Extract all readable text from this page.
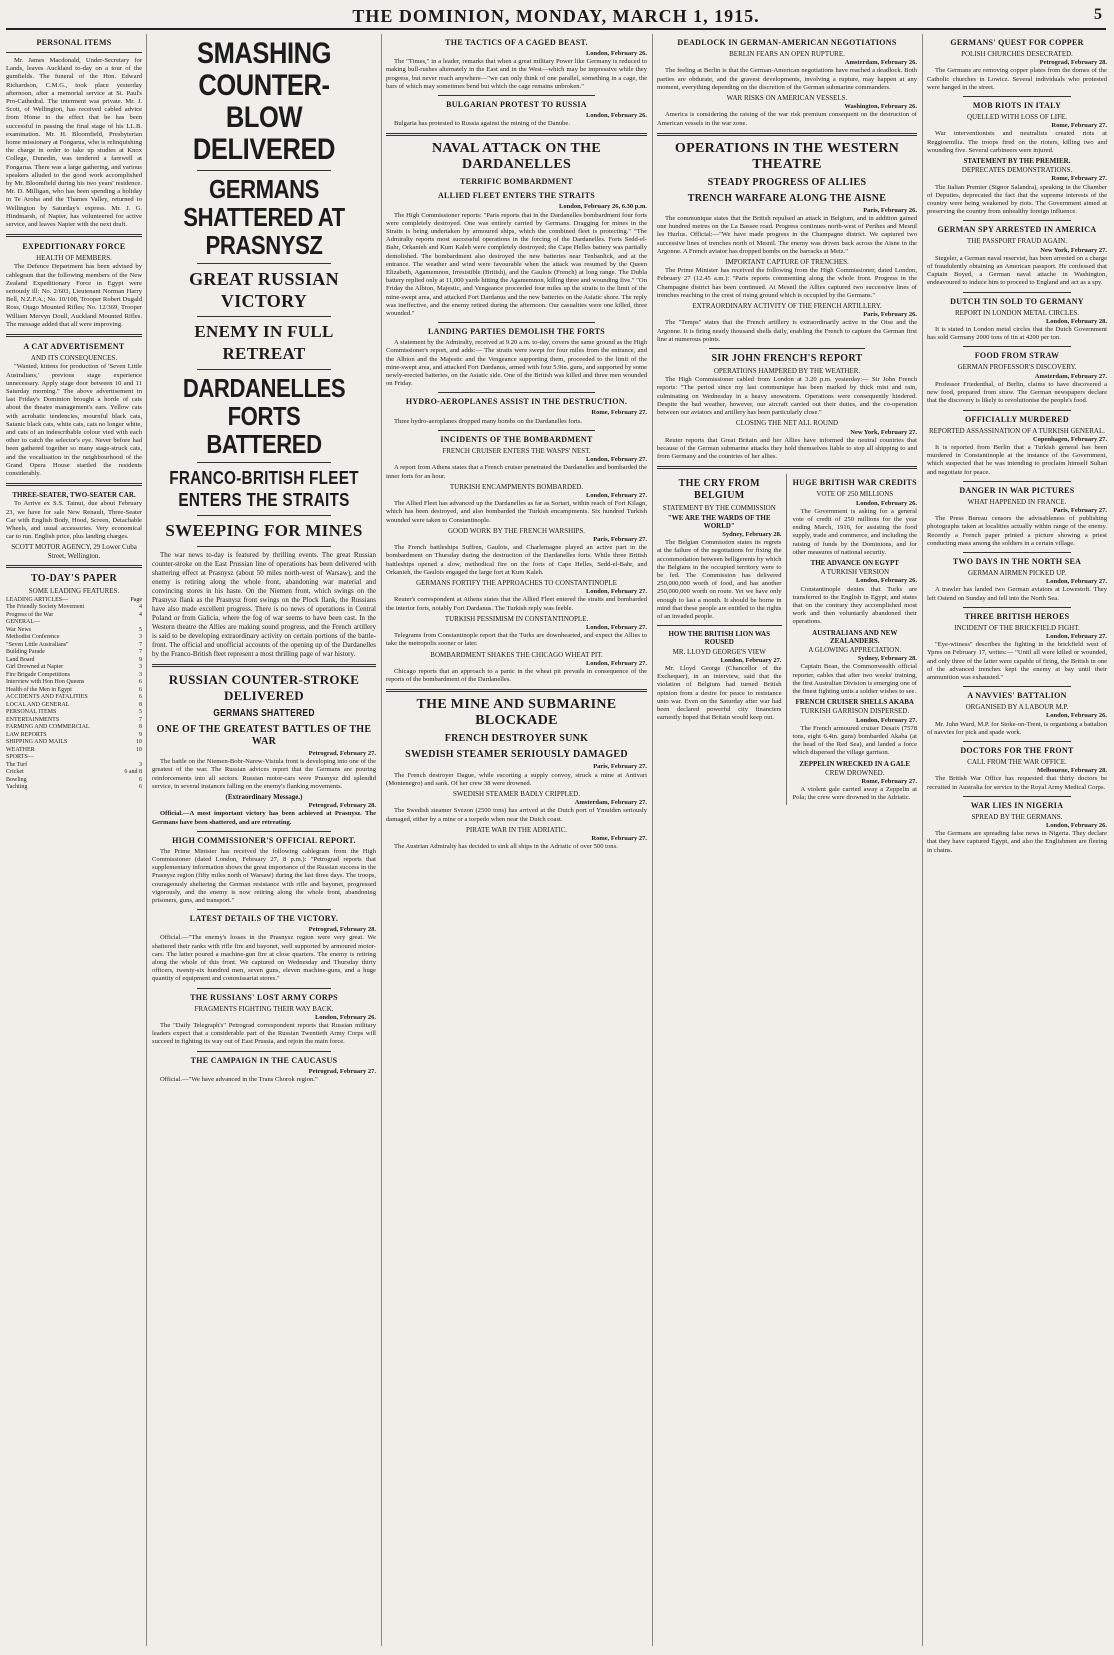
THE DOMINION, MONDAY, MARCH 1, 1915.	5
PERSONAL ITEMS

Mr. James Macdonald, Under-Secretary for Lands, leaves Auckland to-day on a tour of the gumfields. The funeral of the Hon. Edward Richardson, C.M.G., took place yesterday afternoon, after a memorial service at St. Paul's Pro-Cathedral. The interment was private. Mr. J. Scott, of Wellington, has received cabled advice from Home to the effect that he has been successful in passing the final stage of his LL.B. examination. Mr. H. Bloomfield, Presbyterian home missionary at Fongarua, who is relinquishing the charge in order to take up studies at Knox College, Dunedin, was tendered a farewell at Fongarua. There was a large gathering, and various speakers alluded to the good work accomplished by Mr. Bloomfield during his two years' residence. Mr. D. Milligan, who has been spending a holiday in Te Aroha and the Thames Valley, returned to Wellington by Saturday's express. Mr. J. G. Hindmarsh, of Napier, has volunteered for active service, and leaves Napier with the next draft.

EXPEDITIONARY FORCE
HEALTH OF MEMBERS.

The Defence Department has been advised by cablegram that the following members of the New Zealand Expeditionary Force in Egypt were seriously ill: No. 2/603, Lieutenant Norman Harry Bell, N.Z.F.A.; No. 10/108, Trooper Robert Dugald Ross, Otago Mounted Rifles; No. 12/369, Trooper William Mervyn Doull, Auckland Mounted Rifles. The message added that all were improving.

A CAT ADVERTISEMENT
AND ITS CONSEQUENCES.

"Wanted, kittens for production of 'Seven Little Australians,' previous stage experience unnecessary. Apply stage door between 10 and 11 Saturday morning." The above advertisement in last Friday's Dominion brought a horde of cats about the theatre management's ears. Yellow cats with acrobatic tendencies, mournful black cats, Satanic black cats, white cats, cats no longer white, and cats of an indescribable colour vied with each other to catch the selector's eye. Never before had been gathered together so many stage-struck cats, and the vocalisation in the neighbourhood of the Grand Opera House startled the residents considerably.

THREE-SEATER, TWO-SEATER CAR.

To Arrive ex S.S. Tainui, due about February 23, we have for sale New Renault, Three-Seater Car with English Body, Hood, Screen, Detachable Wheels, and usual accessories. Very economical car to run. English price, plus landing charges.

SCOTT MOTOR AGENCY, 29 Lower Cuba Street, Wellington.
TO-DAY'S PAPER
SOME LEADING FEATURES.
LEADING ARTICLES—	Page
The Friendly Society Movement	4
Progress of the War	4
GENERAL—
War News	5
Methodist Conference	3
"Seven Little Australians"	7
Building Parade	7
Land Board	9
Girl Drowned at Napier	3
Fire Brigade Competitions	3
Interview with Hon Hon Queens	6
Health of the Men in Egypt	6
ACCIDENTS AND FATALITIES	6
LOCAL AND GENERAL	8
PERSONAL ITEMS	5
ENTERTAINMENTS	7
FARMING AND COMMERCIAL	8
LAW REPORTS	9
SHIPPING AND MAILS	10
WEATHER	10
SPORTS—
The Turf	3
Cricket	6 and 8
Bowling	6
Yachting	6
SMASHING COUNTER-BLOW DELIVERED
GERMANS SHATTERED AT PRASNYSZ
GREAT RUSSIAN VICTORY
ENEMY IN FULL RETREAT
DARDANELLES FORTS BATTERED
FRANCO-BRITISH FLEET ENTERS THE STRAITS
SWEEPING FOR MINES

The war news to-day is featured by thrilling events. The great Russian counter-stroke on the East Prussian line of operations has been delivered with shattering effect at Prasnysz (about 50 miles north-west of Warsaw), and the enemy is retiring along the whole front, abandoning war material and convincing stores in his haste. On the Niemen front, which swings on the Prasnysz flank as the Prasnysz front swings on the Plock flank, the Russians have also made excellent progress. There is no news of operations in Central Poland or from Galicia, where the fog of war seems to have been cast. In the Western theatre the Allies are making sound progress, and the French artillery is said to be developing extraordinary activity on certain portions of the battle-front. The official and unofficial accounts of the opening up of the Dardanelles by the Franco-British fleet represent a most thrilling page of war history.

RUSSIAN COUNTER-STROKE DELIVERED
GERMANS SHATTERED
ONE OF THE GREATEST BATTLES OF THE WAR
Petrograd, February 27.

The battle on the Niemen-Bobr-Narew-Vistula front is developing into one of the greatest of the war. The Russian advices report that the Germans are pouring reinforcements into all sectors. Russian motor-cars were Prasnysz did splendid service, in several instances falling on the enemy's flanking movements.

(Extraordinary Message.)
Petrograd, February 28.

Official.—A most important victory has been achieved at Prasnysz. The Germans have been shattered, and are retreating.

HIGH COMMISSIONER'S OFFICIAL REPORT.

The Prime Minister has received the following cablegram from the High Commissioner (dated London, February 27, 8 p.m.): "Petrograd reports that supplementary information shows the great importance of the Russian success in the Prasnysz region (fifty miles north of Warsaw) during the last three days. The troops, courageously sheltering the German resistance with rifle and bayonet, progressed vigorously, and the enemy is now retiring along the whole front, abandoning prisoners, guns, and transport."

LATEST DETAILS OF THE VICTORY.
Petrograd, February 28.

Official.—"The enemy's losses in the Prasnysz region were very great. We shattered their ranks with rifle fire and bayonet, well supported by armoured motor-cars. The latter poured a machine-gun fire at close quarters. The enemy is retiring along the whole of this front. We captured on Wednesday and Thursday thirty officers, twenty-six hundred men, seven guns, eleven machine-guns, and a huge quantity of equipment and commissariat stores."

THE RUSSIANS' LOST ARMY CORPS
FRAGMENTS FIGHTING THEIR WAY BACK.
London, February 26.

The "Daily Telegraph's" Petrograd correspondent reports that Russian military leaders expect that a considerable part of the Russian Twentieth Army Corps will succeed in fighting its way out of East Prussia, and rejoin the main force.

THE CAMPAIGN IN THE CAUCASUS
Petrograd, February 27.

Official.—"We have advanced in the Trans Chorok region."

THE TACTICS OF A CAGED BEAST.
London, February 26.

The "Times," in a leader, remarks that when a great military Power like Germany is reduced to making bull-rushes alternately in the East and in the West—which may be impressive while they progress, but never reach anywhere—"we can only think of one parallel, something in a cage, the bars of which may sometimes bend but which the cage remains unbroken."

BULGARIAN PROTEST TO RUSSIA
London, February 26.

Bulgaria has protested to Russia against the mining of the Danube.

NAVAL ATTACK ON THE DARDANELLES
TERRIFIC BOMBARDMENT
ALLIED FLEET ENTERS THE STRAITS
London, February 26, 6.30 p.m.

The High Commissioner reports: "Paris reports that in the Dardanelles bombardment four forts were completely destroyed. One was entirely carried by Germans. Dragging for mines in the Straits is being undertaken by armoured ships, which the combined fleet is protecting." "The Admiralty reports most successful operations in the forcing of the Dardanelles. Forts Sedd-el-Bahr, Orkanieh and Kum Kaleh were completely destroyed; the Cape Helles battery was partially demolished. The bombardment also destroyed the new batteries near Tenbanlick, and at the entrance. The weather and wind were favourable when the attack was resumed by the Queen Elizabeth, Agamemnon, Irresistible (British), and the Gaulois (French) at long range. The Dubla battery replied only at 11,000 yards hitting the Agamemnon, killing three and wounding five." "On Friday the Albion, Majestic, and Vengeance proceeded four miles up the straits to the limit of the mine-swept area, and attacked Fort Dardanus and the new batteries on the Asiatic shore. The reply was ineffective, and the enemy retired during the afternoon. Our casualties were one killed, three wounded."

LANDING PARTIES DEMOLISH THE FORTS

A statement by the Admiralty, received at 9.20 a.m. to-day, covers the same ground as the High Commissioner's report, and adds:— The straits were swept for four miles from the entrance, and the Albion and the Majestic and the Vengeance supporting them, proceeded to the limit of the mine-swept area, and attacked Fort Dardanus, armed with four 5.9in. guns, and supported by some newly-erected batteries, on the Asiatic side. One of the British was killed and three men wounded on Friday.

HYDRO-AEROPLANES ASSIST IN THE DESTRUCTION.
Rome, February 27.

Three hydro-aeroplanes dropped many bombs on the Dardanelles forts.

INCIDENTS OF THE BOMBARDMENT
FRENCH CRUISER ENTERS THE WASPS' NEST.
London, February 27.

A report from Athens states that a French cruiser penetrated the Dardanelles and bombarded the inner forts for an hour.

TURKISH ENCAMPMENTS BOMBARDED.
London, February 27.

The Allied Fleet has advanced up the Dardanelles as far as Sortari, within reach of Fort Kilagn, which has been destroyed, and also bombarded the Turkish encampments. Six hundred Turkish wounded were taken to Constantinople.

GOOD WORK BY THE FRENCH WARSHIPS.
Paris, February 27.

The French battleships Suffren, Gaulois, and Charlemagne played an active part in the bombardment on Thursday during the destruction of the Dardanelles forts. While three British battleships opened a slow, methodical fire on the forts of Cape Helles, Sedd-el-Bahr, and Orkanieh, the Gaulois engaged the large fort at Kum Kaleh.

GERMANS FORTIFY THE APPROACHES TO CONSTANTINOPLE
London, February 27.

Reuter's correspondent at Athens states that the Allied Fleet entered the straits and bombarded the interior forts, notably Fort Dardanus. The Turkish reply was feeble.

TURKISH PESSIMISM IN CONSTANTINOPLE.
London, February 27.

Telegrams from Constantinople report that the Turks are downhearted, and expect the Allies to take the metropolis sooner or later.

BOMBARDMENT SHAKES THE CHICAGO WHEAT PIT.
London, February 27.

Chicago reports that an approach to a panic in the wheat pit prevails in consequence of the reports of the bombardment of the Dardanelles.

THE MINE AND SUBMARINE BLOCKADE
FRENCH DESTROYER SUNK
SWEDISH STEAMER SERIOUSLY DAMAGED
Paris, February 27.

The French destroyer Dague, while escorting a supply convoy, struck a mine at Antivari (Montenegro) and sank. Of her crew 38 were drowned.

SWEDISH STEAMER BADLY CRIPPLED.
Amsterdam, February 27.

The Swedish steamer Svezon (2500 tons) has arrived at the Dutch port of Ymuiden seriously damaged, either by a mine or a torpedo when near the Dutch coast.

PIRATE WAR IN THE ADRIATIC.
Rome, February 27.

The Austrian Admiralty has decided to sink all ships in the Adriatic of over 500 tons.

DEADLOCK IN GERMAN-AMERICAN NEGOTIATIONS
BERLIN FEARS AN OPEN RUPTURE.
Amsterdam, February 26.

The feeling at Berlin is that the German-American negotiations have reached a deadlock. Both parties are obdurate, and the gravest developments, involving a rupture, may happen at any moment, everything depending on the discretion of the German submarine commanders.

WAR RISKS ON AMERICAN VESSELS.
Washington, February 26.

America is considering the raising of the war risk premium consequent on the destruction of American vessels in the war zone.

OPERATIONS IN THE WESTERN THEATRE
STEADY PROGRESS OF ALLIES
TRENCH WARFARE ALONG THE AISNE
Paris, February 26.

The communique states that the British repulsed an attack in Belgium, and in addition gained one hundred metres on the La Bassee road. Progress continues north-west of Perthes and Mesnil les Hurlus. Official:—"We have made progress in the Champagne district. We captured two successive lines of trenches north of Mesnil. The enemy was driven back across the Aisne in the Argonne. A French aviator has dropped bombs on the barracks at Metz."

IMPORTANT CAPTURE OF TRENCHES.

The Prime Minister has received the following from the High Commissioner, dated London, February 27 (12.45 a.m.): "Paris reports commenting along the whole front. Progress in the Champagne district has been continued. At Mesnil the Allies captured two successive lines of trenches reaching to the crest of rising ground which is occupied by the Germans."

EXTRAORDINARY ACTIVITY OF THE FRENCH ARTILLERY.
Paris, February 26.

The "Temps" states that the French artillery is extraordinarily active in the Oise and the Argonne. It is firing nearly thousand shells daily, enabling the French to capture the German first line at numerous points.

SIR JOHN FRENCH'S REPORT
OPERATIONS HAMPERED BY THE WEATHER.

The High Commissioner cabled from London at 3.20 p.m. yesterday:— Sir John French reports: "The period since my last communique has been marked by thick mist and rain, culminating on Wednesday in a heavy snowstorm. Operations were consequently hindered. Despite the bad weather, however, our aircraft carried out their duties, and the co-operation between our aviators and artillery has been particularly close."

CLOSING THE NET ALL ROUND
New York, February 27.

Reuter reports that Great Britain and her Allies have informed the neutral countries that because of the German submarine attacks they hold themselves liable to stop all shipping to and from Germany and the countries of her allies.

THE CRY FROM BELGIUM
STATEMENT BY THE COMMISSION
"WE ARE THE WARDS OF THE WORLD"
Sydney, February 28.

The Belgian Commission states its regrets at the failure of the negotiations for fixing the accommodation between belligerents by which the Belgians in the occupied territory were to be fed. The Commission has delivered 250,000,000 worth of food, and has another 250,000,000 worth on route. Yet we have only enough to last a month. It should be borne in mind that these people are entitled to the rights of an invaded people.

HOW THE BRITISH LION WAS ROUSED
MR. LLOYD GEORGE'S VIEW
London, February 27.

Mr. Lloyd George (Chancellor of the Exchequer), in an interview, said that the violation of Belgium had turned British opinion from a desire for peace to resistance unto war. Even on the Saturday after war had been declared powerful city financiers earnestly hoped that Britain would keep out.

HUGE BRITISH WAR CREDITS
VOTE OF 250 MILLIONS
London, February 26.

The Government is asking for a general vote of credit of 250 millions for the year ending March, 1916, for assisting the food supply, trade and commerce, and including the raising of funds by the Dominions, and for other measures of national security.

THE ADVANCE ON EGYPT
A TURKISH VERSION
London, February 26.

Constantinople denies that Turks are transferred to the English in Egypt, and states that on the contrary they accomplished most work and then voluntarily abandoned their operations.

AUSTRALIANS AND NEW ZEALANDERS.
A GLOWING APPRECIATION.
Sydney, February 28.

Captain Bean, the Commonwealth official reporter, cables that after two weeks' training, the first Australian Division is emerging one of the finest fighting units a soldier wishes to see.

FRENCH CRUISER SHELLS AKABA
TURKISH GARRISON DISPERSED.
London, February 27.

The French armoured cruiser Desaix (7578 tons, eight 6.4in. guns) bombarded Akaba (at the head of the Red Sea), and landed a force which dispersed the village garrison.

ZEPPELIN WRECKED IN A GALE
CREW DROWNED.
Rome, February 27.

A violent gale carried away a Zeppelin at Pola; the crew were drowned in the Adriatic.

GERMANS' QUEST FOR COPPER
POLISH CHURCHES DESECRATED.
Petrograd, February 28.

The Germans are removing copper plates from the domes of the Catholic churches in Lowicz. Several individuals who protested were hanged in the street.

MOB RIOTS IN ITALY
QUELLED WITH LOSS OF LIFE.
Rome, February 27.

War interventionists and neutralists created riots at Reggioemilia. The troops fired on the rioters, killing two and wounding five. Several carbineers were injured.

STATEMENT BY THE PREMIER.
DEPRECATES DEMONSTRATIONS.
Rome, February 27.

The Italian Premier (Signor Salandra), speaking in the Chamber of Deputies, deprecated the fact that the supreme interests of the country were being weakened by riots. The Government aimed at preserving the country from unhealthy foreign influence.

GERMAN SPY ARRESTED IN AMERICA
THE PASSPORT FRAUD AGAIN.
New York, February 27.

Stegeler, a German naval reservist, has been arrested on a charge of fraudulently obtaining an American passport. He confessed that Captain Boyed, a German naval attache in Washington, endeavoured to induce him to proceed to England and act as a spy.

DUTCH TIN SOLD TO GERMANY
REPORT IN LONDON METAL CIRCLES.
London, February 28.

It is stated in London metal circles that the Dutch Government has sold Germany 2000 tons of tin at 4200 per ton.

FOOD FROM STRAW
GERMAN PROFESSOR'S DISCOVERY.
Amsterdam, February 27.

Professor Friedenthal, of Berlin, claims to have discovered a new food, prepared from straw. The German newspapers declare that the discovery is likely to revolutionise the people's food.

OFFICIALLY MURDERED
REPORTED ASSASSINATION OF A TURKISH GENERAL.
Copenhagen, February 27.

It is reported from Berlin that a Turkish general has been murdered in Constantinople at the instance of the Government, which suspected that he was intending to proclaim himself Sultan and negotiate for peace.

DANGER IN WAR PICTURES
WHAT HAPPENED IN FRANCE.
Paris, February 27.

The Press Bureau censors the advisableness of publishing photographs taken at localities actually within range of the enemy. Recently a French paper printed a picture showing a priest conducting mass among the soldiers in a certain village.

TWO DAYS IN THE NORTH SEA
GERMAN AIRMEN PICKED UP.
London, February 27.

A trawler has landed two German aviators at Lowestoft. They left Ostend on Sunday and fell into the North Sea.

THREE BRITISH HEROES
INCIDENT OF THE BRICKFIELD FIGHT.
London, February 27.

"Eye-witness" describes the fighting in the brickfield west of Ypres on February 17, writes:— "Until all were killed or wounded, and only three of the latter were capable of firing, the British in one of the advanced trenches kept the enemy at bay until their ammunition was exhausted."

A NAVVIES' BATTALION
ORGANISED BY A LABOUR M.P.
London, February 26.

Mr. John Ward, M.P. for Stoke-on-Trent, is organising a battalion of navvies for pick and spade work.

DOCTORS FOR THE FRONT
CALL FROM THE WAR OFFICE.
Melbourne, February 28.

The British War Office has requested that thirty doctors be recruited in Australia for service in the Royal Army Medical Corps.

WAR LIES IN NIGERIA
SPREAD BY THE GERMANS.
London, February 26.

The Germans are spreading false news in Nigeria. They declare that they have captured Egypt, and also the Englishmen are fleeing in chains.
